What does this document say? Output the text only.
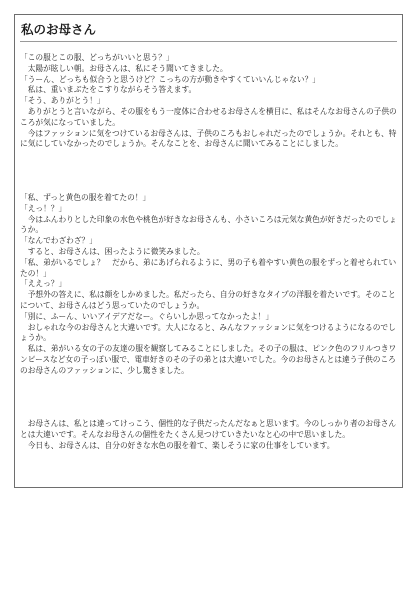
私のお母さん

「この服とこの服、どっちがいいと思う？」

　太陽が眩しい朝。お母さんは、私にそう聞いてきました。

「うーん、どっちも似合うと思うけど？こっちの方が動きやすくていいんじゃない？」

　私は、重いまぶたをこすりながらそう答えます。

「そう、ありがとう！」

　ありがとうと言いながら、その服をもう一度体に合わせるお母さんを横目に、私はそんなお母さんの子供のころが気になっていました。

　今はファッションに気をつけているお母さんは、子供のころもおしゃれだったのでしょうか。それとも、特に気にしていなかったのでしょうか。そんなことを、お母さんに聞いてみることにしました。

「私、ずっと黄色の服を着てたの！」

「えっ！？」

　今はふんわりとした印象の水色や桃色が好きなお母さんも、小さいころは元気な黄色が好きだったのでしょうか。

「なんでわざわざ？」

　すると、お母さんは、困ったように微笑みました。

「私、弟がいるでしょ？　だから、弟にあげられるように、男の子も着やすい黄色の服をずっと着せられていたの！」

「ええっ？」

　予想外の答えに、私は顔をしかめました。私だったら、自分の好きなタイプの洋服を着たいです。そのことについて、お母さんはどう思っていたのでしょうか。

「別に、ふーん、いいアイデアだなー。ぐらいしか思ってなかったよ！」

　おしゃれな今のお母さんと大違いです。大人になると、みんなファッションに気をつけるようになるのでしょうか。

　私は、弟がいる女の子の友達の服を観察してみることにしました。その子の服は、ピンク色のフリルつきワンピースなど女の子っぽい服で、電車好きのその子の弟とは大違いでした。今のお母さんとは違う子供のころのお母さんのファッションに、少し驚きました。

　お母さんは、私とは違ってけっこう、個性的な子供だったんだなぁと思います。今のしっかり者のお母さんとは大違いです。そんなお母さんの個性をたくさん見つけていきたいなと心の中で思いました。

　今日も、お母さんは、自分の好きな水色の服を着て、楽しそうに家の仕事をしています。
